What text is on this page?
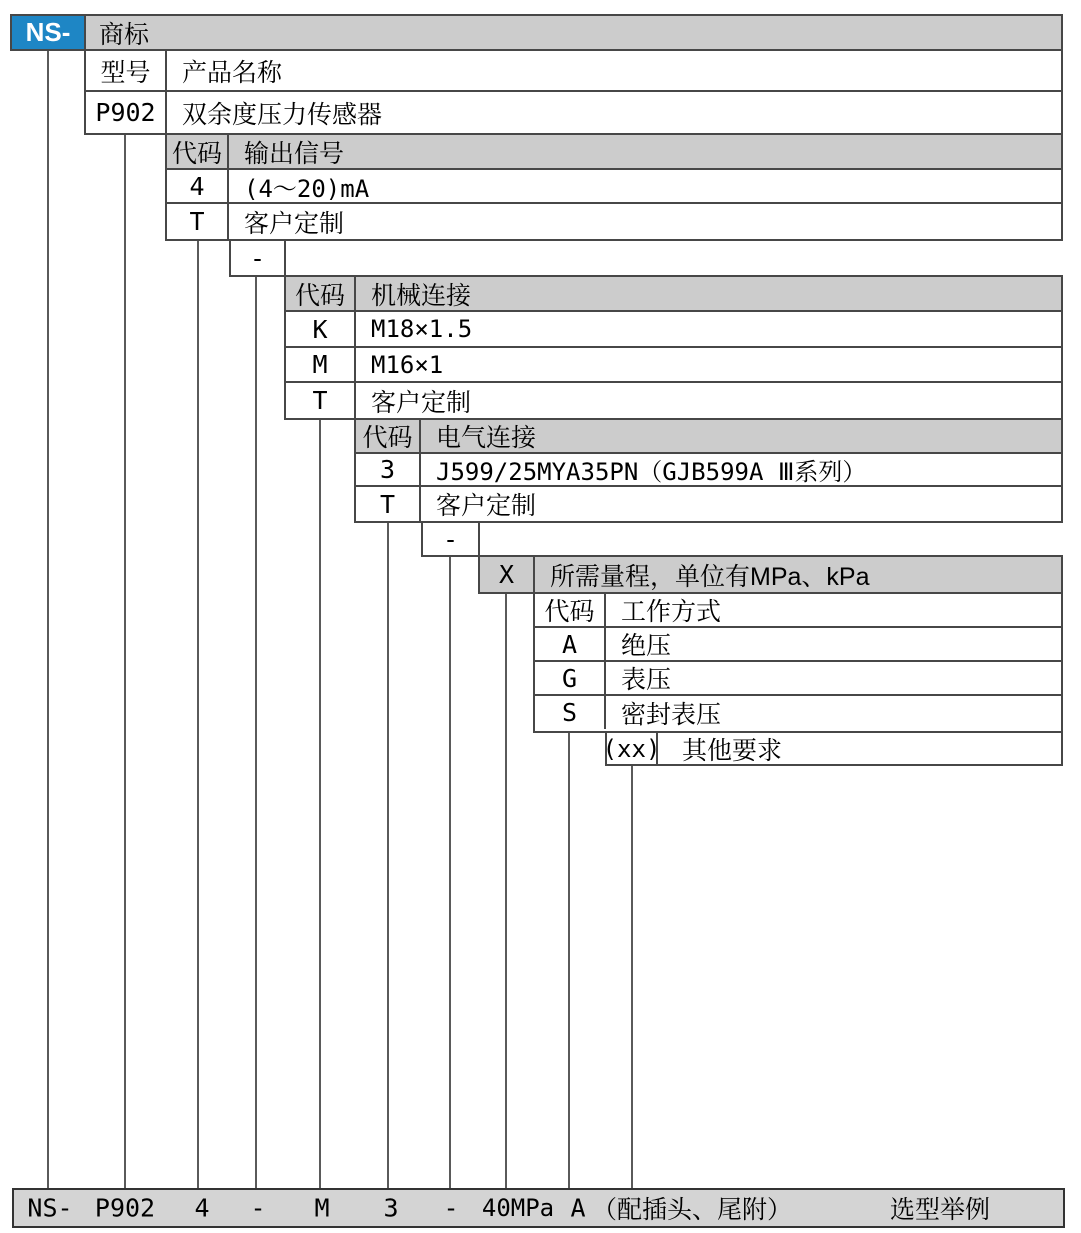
NS- 商标
型号	产品名称
P902	双余度压力传感器
代码 输出信号
4	(4～20)mA
T	客户定制
-
代码	机械连接
K	M18×1.5
M	M16×1
T	客户定制
代码 电气连接
3	J599/25MYA35PN（GJB599A Ⅲ系列）
T	客户定制
-
X	所需量程，单位有MPa、kPa
代码	工作方式
A	绝压
G	表压
S	密封表压
(xx) 其他要求
NS- P902 4 - M 3 - 40MPa A （配插头、尾附）	选型举例
